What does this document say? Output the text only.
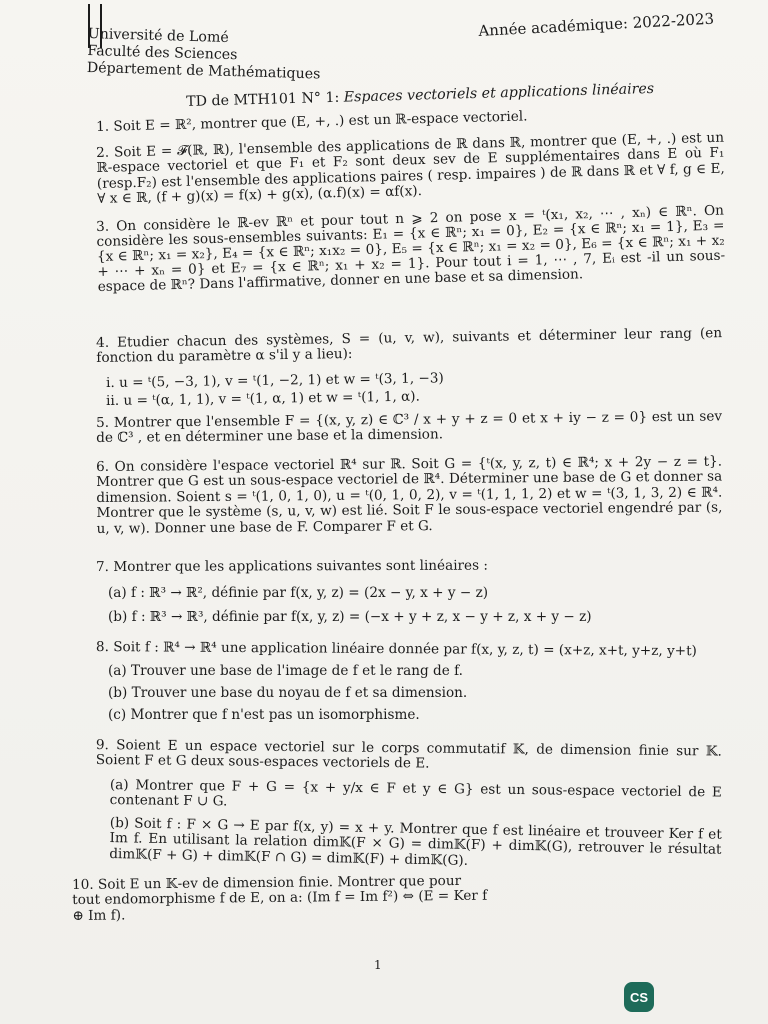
Université de Lomé
Faculté des Sciences
Département de Mathématiques
Année académique: 2022-2023
TD de MTH101 N° 1: Espaces vectoriels et applications linéaires
1. Soit E = ℝ², montrer que (E, +, .) est un ℝ-espace vectoriel.
2. Soit E = 𝓕(ℝ, ℝ), l'ensemble des applications de ℝ dans ℝ, montrer que (E, +, .) est un ℝ-espace vectoriel et que F₁ et F₂ sont deux sev de E supplémentaires dans E où F₁ (resp.F₂) est l'ensemble des applications paires ( resp. impaires ) de ℝ dans ℝ et ∀ f, g ∈ E, ∀ x ∈ ℝ, (f + g)(x) = f(x) + g(x), (α.f)(x) = αf(x).
3. On considère le ℝ-ev ℝⁿ et pour tout n ⩾ 2 on pose x = ᵗ(x₁, x₂, ⋯ , xₙ) ∈ ℝⁿ. On considère les sous-ensembles suivants: E₁ = {x ∈ ℝⁿ; x₁ = 0}, E₂ = {x ∈ ℝⁿ; x₁ = 1}, E₃ = {x ∈ ℝⁿ; x₁ = x₂}, E₄ = {x ∈ ℝⁿ; x₁x₂ = 0}, E₅ = {x ∈ ℝⁿ; x₁ = x₂ = 0}, E₆ = {x ∈ ℝⁿ; x₁ + x₂ + ⋯ + xₙ = 0} et E₇ = {x ∈ ℝⁿ; x₁ + x₂ = 1}. Pour tout i = 1, ⋯ , 7, Eᵢ est -il un sous-espace de ℝⁿ? Dans l'affirmative, donner en une base et sa dimension.
4. Etudier chacun des systèmes, S = (u, v, w), suivants et déterminer leur rang (en fonction du paramètre α s'il y a lieu):
i. u = ᵗ(5, −3, 1), v = ᵗ(1, −2, 1) et w = ᵗ(3, 1, −3)
ii. u = ᵗ(α, 1, 1), v = ᵗ(1, α, 1) et w = ᵗ(1, 1, α).
5. Montrer que l'ensemble F = {(x, y, z) ∈ ℂ³ / x + y + z = 0 et x + iy − z = 0} est un sev de ℂ³ , et en déterminer une base et la dimension.
6. On considère l'espace vectoriel ℝ⁴ sur ℝ. Soit G = {ᵗ(x, y, z, t) ∈ ℝ⁴; x + 2y − z = t}. Montrer que G est un sous-espace vectoriel de ℝ⁴. Déterminer une base de G et donner sa dimension. Soient s = ᵗ(1, 0, 1, 0), u = ᵗ(0, 1, 0, 2), v = ᵗ(1, 1, 1, 2) et w = ᵗ(3, 1, 3, 2) ∈ ℝ⁴. Montrer que le système (s, u, v, w) est lié. Soit F le sous-espace vectoriel engendré par (s, u, v, w). Donner une base de F. Comparer F et G.
7. Montrer que les applications suivantes sont linéaires :
(a) f : ℝ³ → ℝ², définie par f(x, y, z) = (2x − y, x + y − z)
(b) f : ℝ³ → ℝ³, définie par f(x, y, z) = (−x + y + z, x − y + z, x + y − z)
8. Soit f : ℝ⁴ → ℝ⁴ une application linéaire donnée par f(x, y, z, t) = (x+z, x+t, y+z, y+t)
(a) Trouver une base de l'image de f et le rang de f.
(b) Trouver une base du noyau de f et sa dimension.
(c) Montrer que f n'est pas un isomorphisme.
9. Soient E un espace vectoriel sur le corps commutatif 𝕂, de dimension finie sur 𝕂. Soient F et G deux sous-espaces vectoriels de E.
(a) Montrer que F + G = {x + y/x ∈ F et y ∈ G} est un sous-espace vectoriel de E contenant F ∪ G.
(b) Soit f : F × G → E par f(x, y) = x + y. Montrer que f est linéaire et trouveer Ker f et Im f. En utilisant la relation dim𝕂(F × G) = dim𝕂(F) + dim𝕂(G), retrouver le résultat dim𝕂(F + G) + dim𝕂(F ∩ G) = dim𝕂(F) + dim𝕂(G).
10. Soit E un 𝕂-ev de dimension finie. Montrer que pour tout endomorphisme f de E, on a: (Im f = Im f²) ⇔ (E = Ker f ⊕ Im f).
1
CS
